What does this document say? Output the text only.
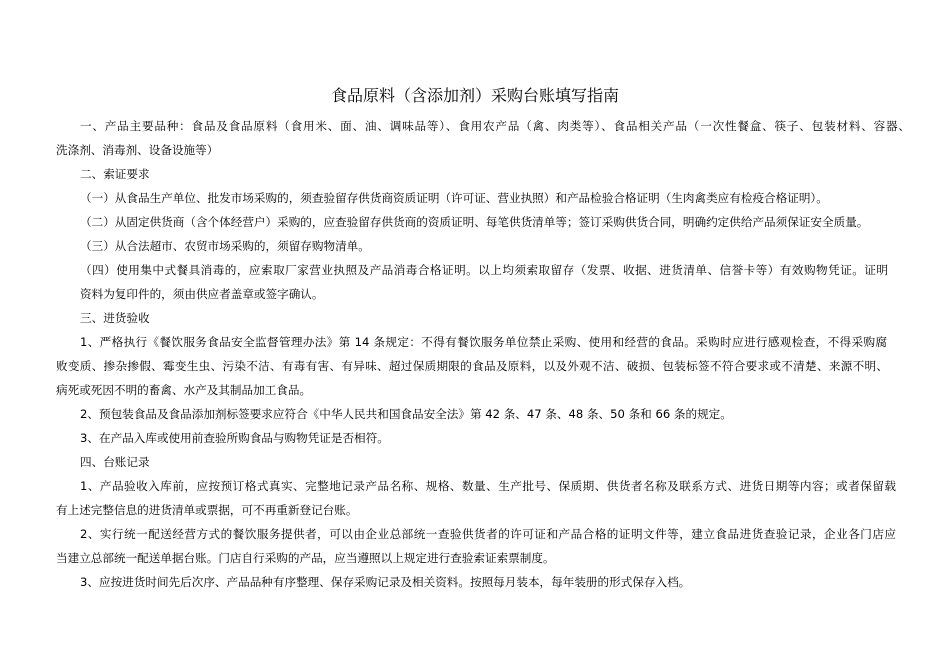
食品原料（含添加剂）采购台账填写指南
一、产品主要品种：食品及食品原料（食用米、面、油、调味品等）、食用农产品（禽、肉类等）、食品相关产品（一次性餐盒、筷子、包装材料、容器、
洗涤剂、消毒剂、设备设施等）
二、索证要求
（一）从食品生产单位、批发市场采购的，须查验留存供货商资质证明（许可证、营业执照）和产品检验合格证明（生肉禽类应有检疫合格证明）。
（二）从固定供货商（含个体经营户）采购的，应查验留存供货商的资质证明、每笔供货清单等；签订采购供货合同，明确约定供给产品须保证安全质量。
（三）从合法超市、农贸市场采购的，须留存购物清单。
（四）使用集中式餐具消毒的，应索取厂家营业执照及产品消毒合格证明。以上均须索取留存（发票、收据、进货清单、信誉卡等）有效购物凭证。证明
资料为复印件的，须由供应者盖章或签字确认。
三、进货验收
1、严格执行《餐饮服务食品安全监督管理办法》第 14 条规定：不得有餐饮服务单位禁止采购、使用和经营的食品。采购时应进行感观检查，不得采购腐
败变质、掺杂掺假、霉变生虫、污染不洁、有毒有害、有异味、超过保质期限的食品及原料，以及外观不洁、破损、包装标签不符合要求或不清楚、来源不明、
病死或死因不明的畜禽、水产及其制品加工食品。
2、预包装食品及食品添加剂标签要求应符合《中华人民共和国食品安全法》第 42 条、47 条、48 条、50 条和 66 条的规定。
3、在产品入库或使用前查验所购食品与购物凭证是否相符。
四、台账记录
1、产品验收入库前，应按预订格式真实、完整地记录产品名称、规格、数量、生产批号、保质期、供货者名称及联系方式、进货日期等内容；或者保留载
有上述完整信息的进货清单或票据，可不再重新登记台账。
2、实行统一配送经营方式的餐饮服务提供者，可以由企业总部统一查验供货者的许可证和产品合格的证明文件等，建立食品进货查验记录，企业各门店应
当建立总部统一配送单据台账。门店自行采购的产品，应当遵照以上规定进行查验索证索票制度。
3、应按进货时间先后次序、产品品种有序整理、保存采购记录及相关资料。按照每月装本，每年装册的形式保存入档。
